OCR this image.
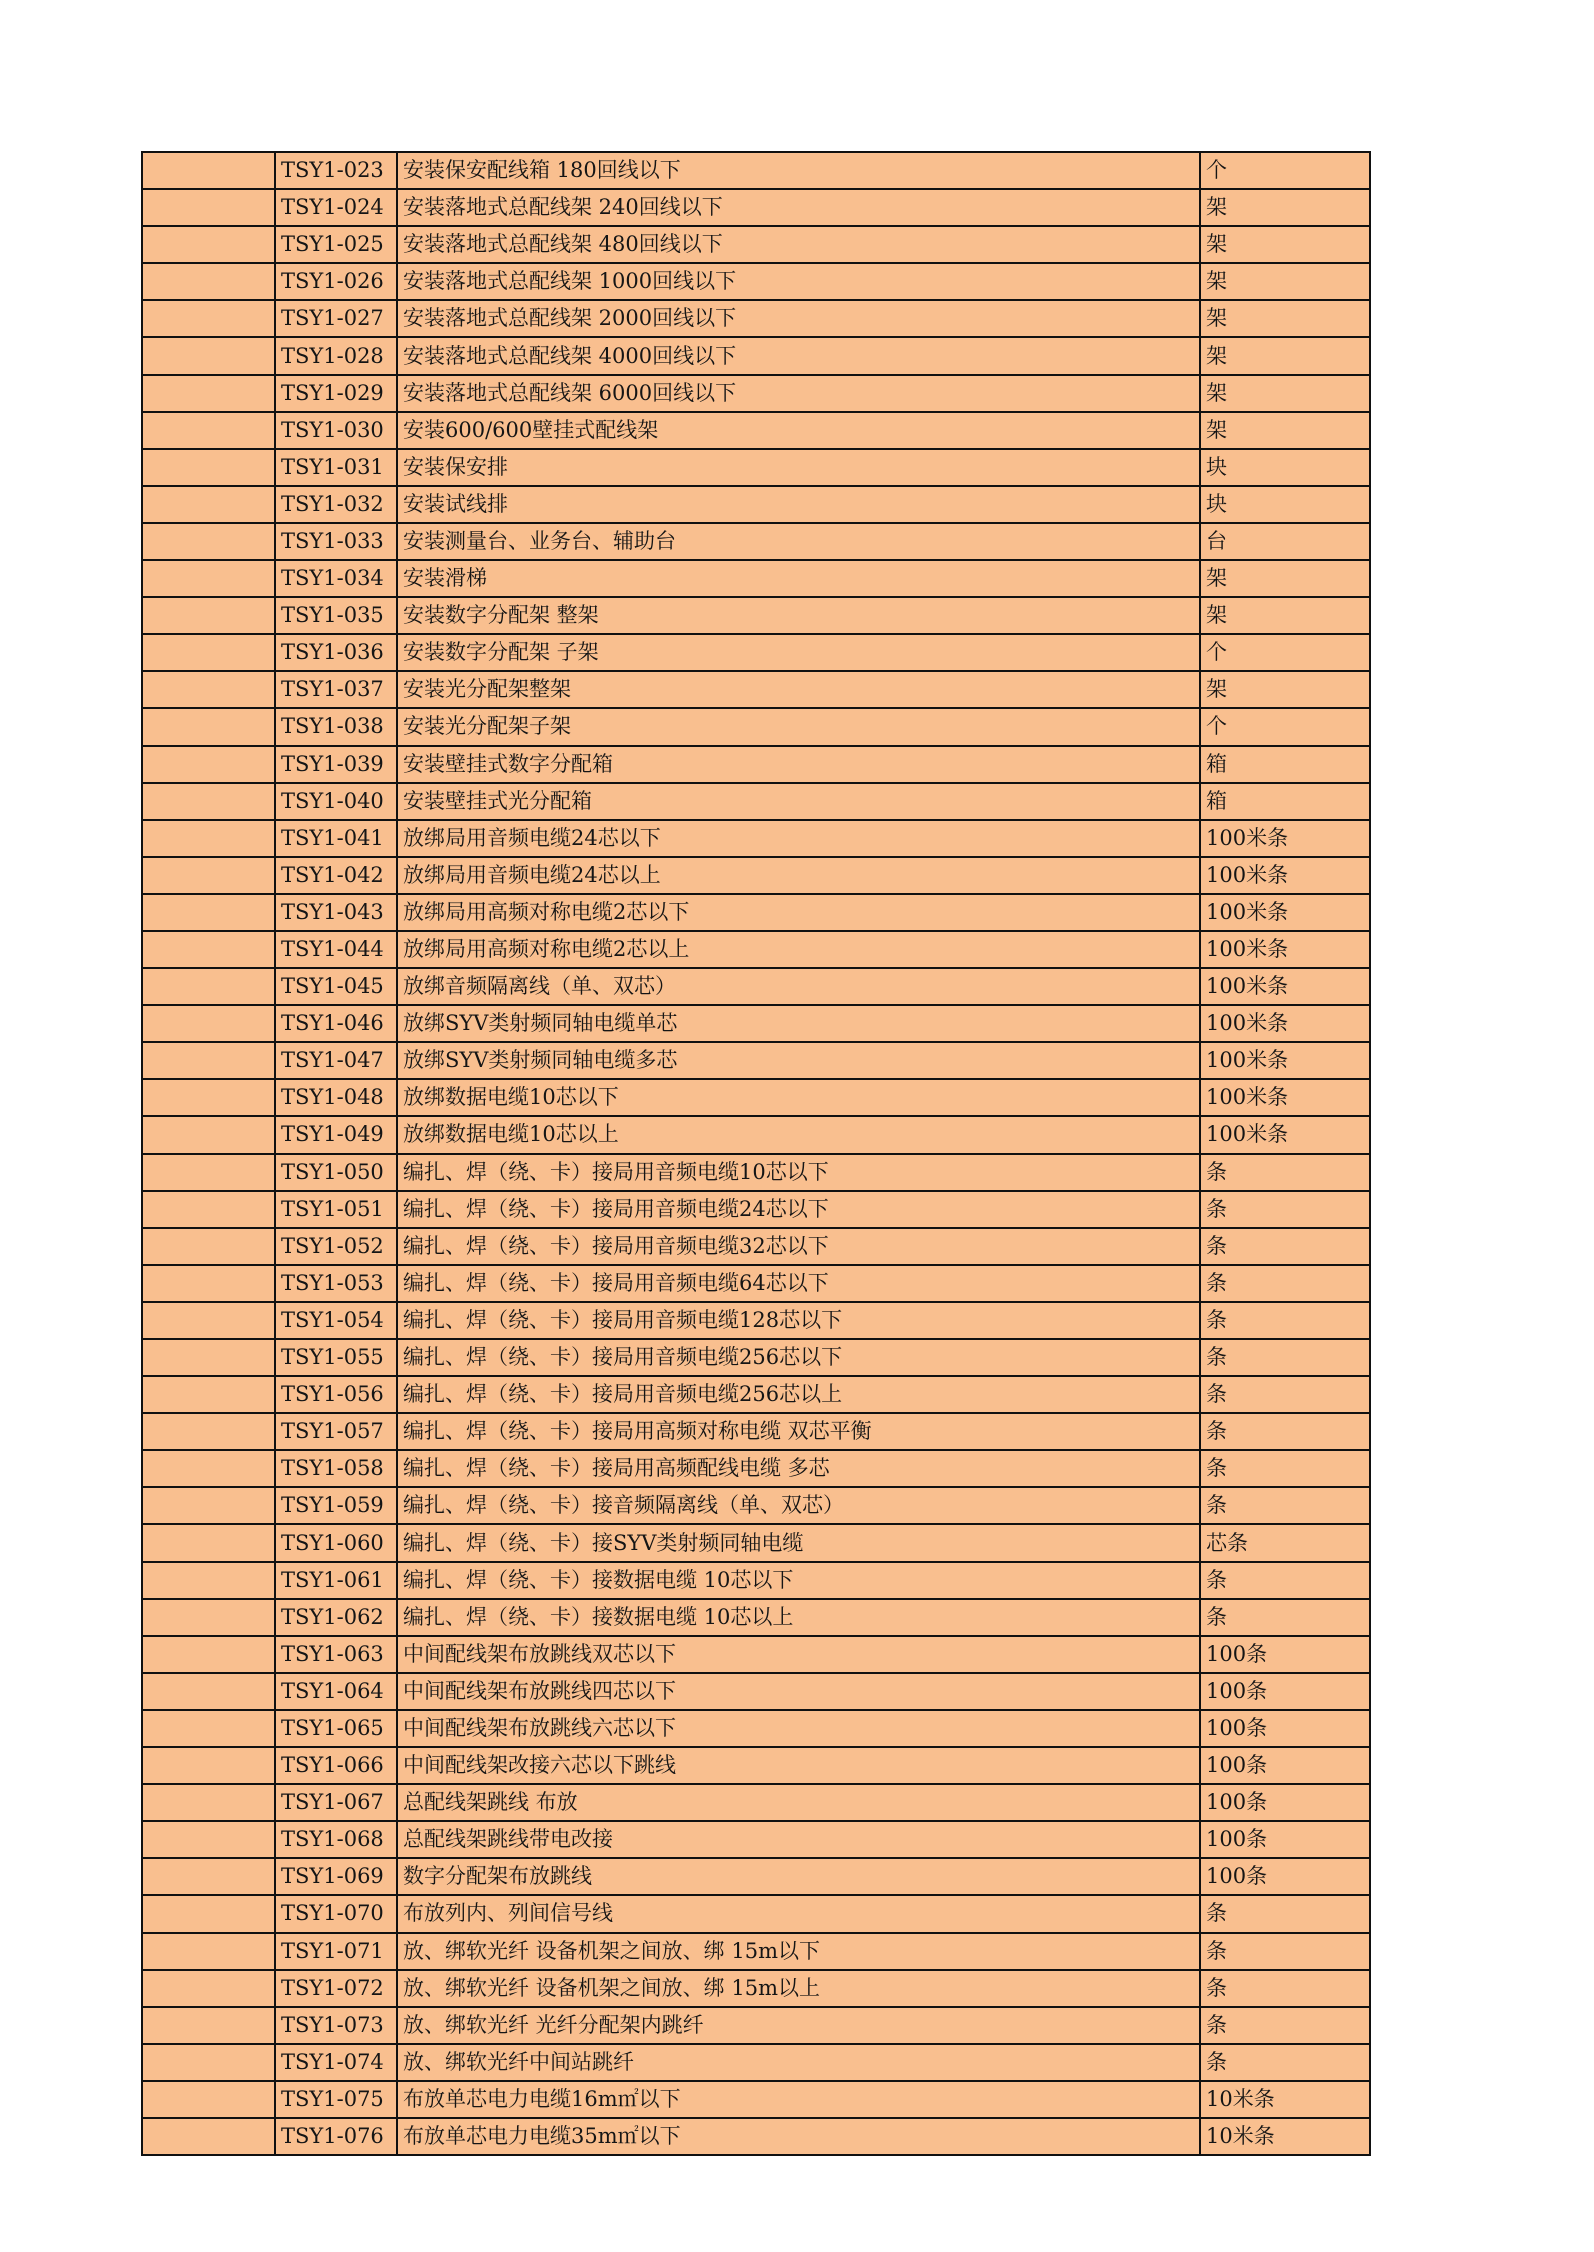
	TSY1-023	安装保安配线箱 180回线以下	个
	TSY1-024	安装落地式总配线架 240回线以下	架
	TSY1-025	安装落地式总配线架 480回线以下	架
	TSY1-026	安装落地式总配线架 1000回线以下	架
	TSY1-027	安装落地式总配线架 2000回线以下	架
	TSY1-028	安装落地式总配线架 4000回线以下	架
	TSY1-029	安装落地式总配线架 6000回线以下	架
	TSY1-030	安装600/600壁挂式配线架	架
	TSY1-031	安装保安排	块
	TSY1-032	安装试线排	块
	TSY1-033	安装测量台、业务台、辅助台	台
	TSY1-034	安装滑梯	架
	TSY1-035	安装数字分配架 整架	架
	TSY1-036	安装数字分配架 子架	个
	TSY1-037	安装光分配架整架	架
	TSY1-038	安装光分配架子架	个
	TSY1-039	安装壁挂式数字分配箱	箱
	TSY1-040	安装壁挂式光分配箱	箱
	TSY1-041	放绑局用音频电缆24芯以下	100米条
	TSY1-042	放绑局用音频电缆24芯以上	100米条
	TSY1-043	放绑局用高频对称电缆2芯以下	100米条
	TSY1-044	放绑局用高频对称电缆2芯以上	100米条
	TSY1-045	放绑音频隔离线（单、双芯）	100米条
	TSY1-046	放绑SYV类射频同轴电缆单芯	100米条
	TSY1-047	放绑SYV类射频同轴电缆多芯	100米条
	TSY1-048	放绑数据电缆10芯以下	100米条
	TSY1-049	放绑数据电缆10芯以上	100米条
	TSY1-050	编扎、焊（绕、卡）接局用音频电缆10芯以下	条
	TSY1-051	编扎、焊（绕、卡）接局用音频电缆24芯以下	条
	TSY1-052	编扎、焊（绕、卡）接局用音频电缆32芯以下	条
	TSY1-053	编扎、焊（绕、卡）接局用音频电缆64芯以下	条
	TSY1-054	编扎、焊（绕、卡）接局用音频电缆128芯以下	条
	TSY1-055	编扎、焊（绕、卡）接局用音频电缆256芯以下	条
	TSY1-056	编扎、焊（绕、卡）接局用音频电缆256芯以上	条
	TSY1-057	编扎、焊（绕、卡）接局用高频对称电缆 双芯平衡	条
	TSY1-058	编扎、焊（绕、卡）接局用高频配线电缆 多芯	条
	TSY1-059	编扎、焊（绕、卡）接音频隔离线（单、双芯）	条
	TSY1-060	编扎、焊（绕、卡）接SYV类射频同轴电缆	芯条
	TSY1-061	编扎、焊（绕、卡）接数据电缆 10芯以下	条
	TSY1-062	编扎、焊（绕、卡）接数据电缆 10芯以上	条
	TSY1-063	中间配线架布放跳线双芯以下	100条
	TSY1-064	中间配线架布放跳线四芯以下	100条
	TSY1-065	中间配线架布放跳线六芯以下	100条
	TSY1-066	中间配线架改接六芯以下跳线	100条
	TSY1-067	总配线架跳线 布放	100条
	TSY1-068	总配线架跳线带电改接	100条
	TSY1-069	数字分配架布放跳线	100条
	TSY1-070	布放列内、列间信号线	条
	TSY1-071	放、绑软光纤 设备机架之间放、绑 15m以下	条
	TSY1-072	放、绑软光纤 设备机架之间放、绑 15m以上	条
	TSY1-073	放、绑软光纤 光纤分配架内跳纤	条
	TSY1-074	放、绑软光纤中间站跳纤	条
	TSY1-075	布放单芯电力电缆16m㎡以下	10米条
	TSY1-076	布放单芯电力电缆35m㎡以下	10米条
